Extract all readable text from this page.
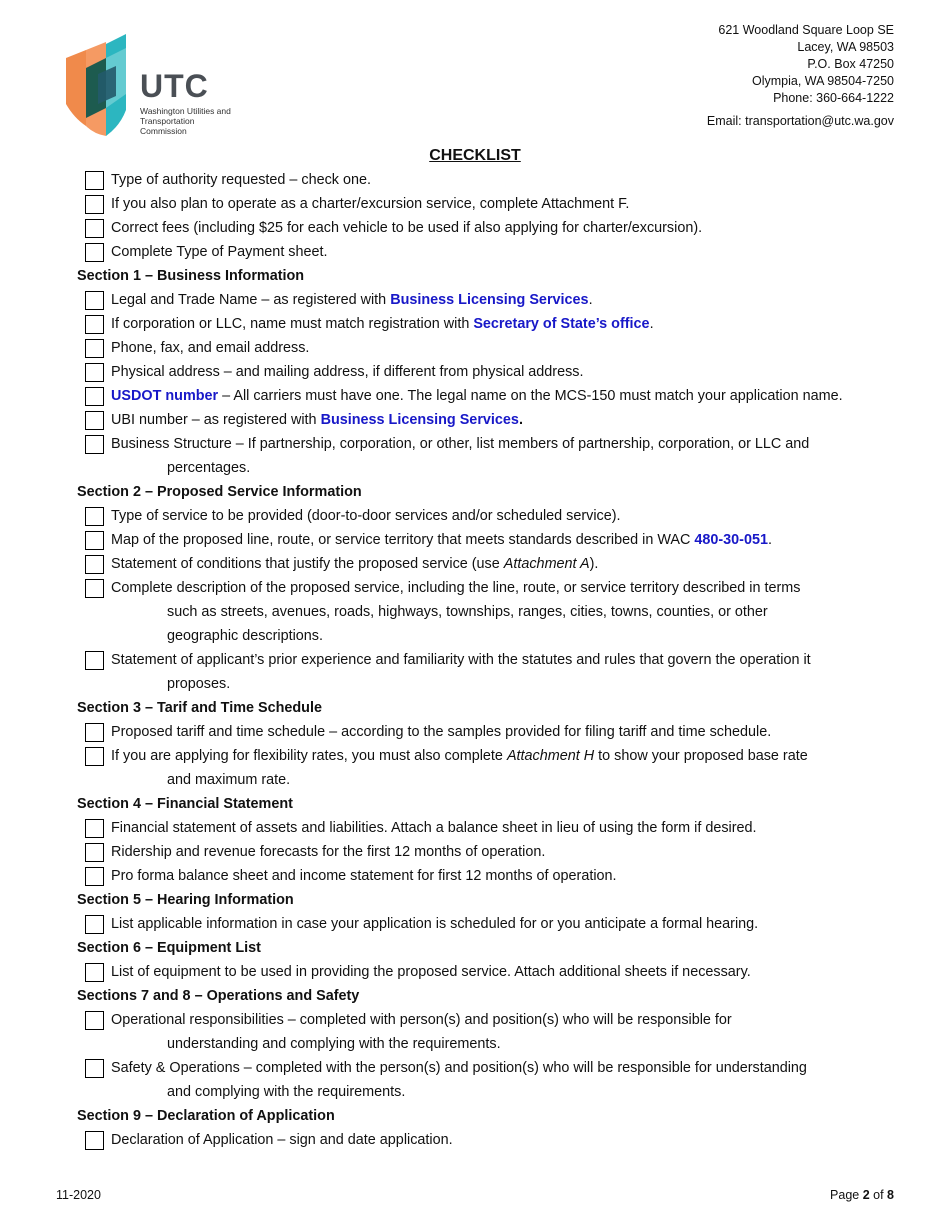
UTC
Washington Utilities and Transportation Commission
621 Woodland Square Loop SE
Lacey, WA 98503
P.O. Box 47250
Olympia, WA 98504-7250
Phone: 360-664-1222
Email: transportation@utc.wa.gov
CHECKLIST
Type of authority requested – check one.
If you also plan to operate as a charter/excursion service, complete Attachment F.
Correct fees (including $25 for each vehicle to be used if also applying for charter/excursion).
Complete Type of Payment sheet.
Section 1 – Business Information
Legal and Trade Name – as registered with Business Licensing Services.
If corporation or LLC, name must match registration with Secretary of State’s office.
Phone, fax, and email address.
Physical address – and mailing address, if different from physical address.
USDOT number – All carriers must have one. The legal name on the MCS-150 must match your application name.
UBI number – as registered with Business Licensing Services.
Business Structure – If partnership, corporation, or other, list members of partnership, corporation, or LLC and
percentages.
Section 2 – Proposed Service Information
Type of service to be provided (door-to-door services and/or scheduled service).
Map of the proposed line, route, or service territory that meets standards described in WAC 480-30-051.
Statement of conditions that justify the proposed service (use Attachment A).
Complete description of the proposed service, including the line, route, or service territory described in terms
such as streets, avenues, roads, highways, townships, ranges, cities, towns, counties, or other
geographic descriptions.
Statement of applicant’s prior experience and familiarity with the statutes and rules that govern the operation it
proposes.
Section 3 – Tarif and Time Schedule
Proposed tariff and time schedule – according to the samples provided for filing tariff and time schedule.
If you are applying for flexibility rates, you must also complete Attachment H to show your proposed base rate
and maximum rate.
Section 4 – Financial Statement
Financial statement of assets and liabilities. Attach a balance sheet in lieu of using the form if desired.
Ridership and revenue forecasts for the first 12 months of operation.
Pro forma balance sheet and income statement for first 12 months of operation.
Section 5 – Hearing Information
List applicable information in case your application is scheduled for or you anticipate a formal hearing.
Section 6 – Equipment List
List of equipment to be used in providing the proposed service. Attach additional sheets if necessary.
Sections 7 and 8 – Operations and Safety
Operational responsibilities – completed with person(s) and position(s) who will be responsible for
understanding and complying with the requirements.
Safety & Operations – completed with the person(s) and position(s) who will be responsible for understanding
and complying with the requirements.
Section 9 – Declaration of Application
Declaration of Application – sign and date application.
11-2020	Page 2 of 8
